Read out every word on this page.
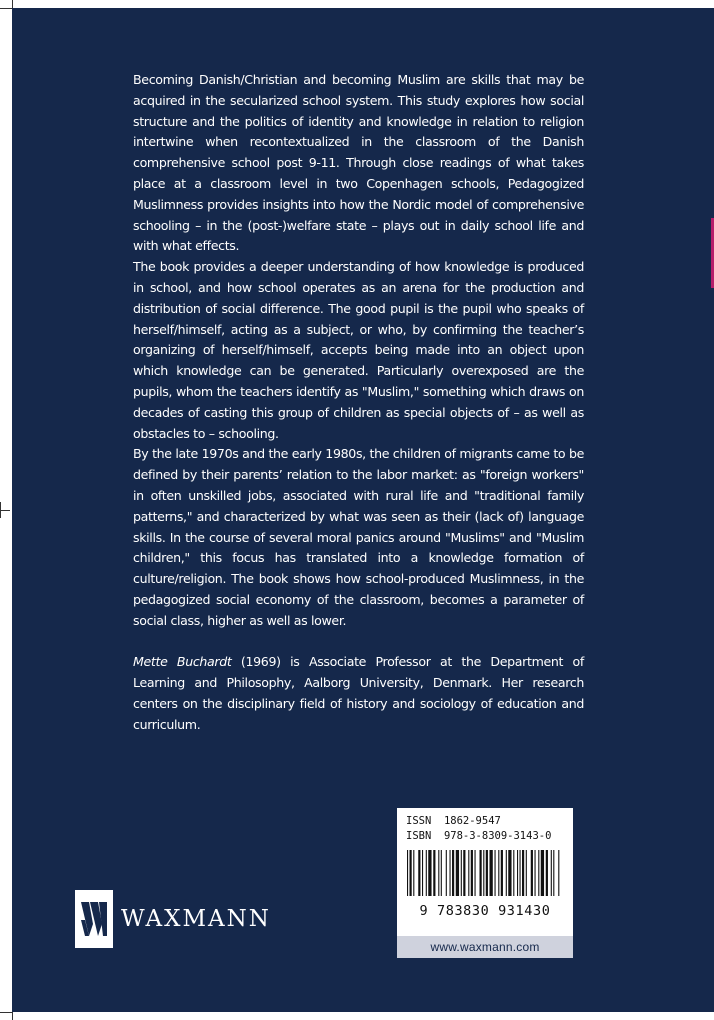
Becoming Danish/Christian and becoming Muslim are skills that may be acquired in the secularized school system. This study explores how social structure and the politics of identity and knowledge in relation to religion intertwine when recontextualized in the classroom of the Danish comprehensive school post 9-11. Through close readings of what takes place at a classroom level in two Copenhagen schools, Pedagogized Muslimness provides insights into how the Nordic model of comprehensive schooling – in the (post-)welfare state – plays out in daily school life and with what effects.

The book provides a deeper understanding of how knowledge is produced in school, and how school operates as an arena for the production and distribution of social difference. The good pupil is the pupil who speaks of herself/himself, acting as a subject, or who, by confirming the teacher’s organizing of herself/himself, accepts being made into an object upon which knowledge can be generated. Particularly overexposed are the pupils, whom the teachers identify as "Muslim," something which draws on decades of casting this group of children as special objects of – as well as obstacles to – schooling.

By the late 1970s and the early 1980s, the children of migrants came to be defined by their parents’ relation to the labor market: as "foreign workers" in often unskilled jobs, associated with rural life and "traditional family patterns," and characterized by what was seen as their (lack of) language skills. In the course of several moral panics around "Muslims" and "Muslim children," this focus has translated into a knowledge formation of culture/religion. The book shows how school-produced Muslimness, in the pedagogized social economy of the classroom, becomes a parameter of social class, higher as well as lower.

Mette Buchardt (1969) is Associate Professor at the Department of Learning and Philosophy, Aalborg University, Denmark. Her research centers on the disciplinary field of history and sociology of education and curriculum.

WAXMANN
ISSN 1862-9547
ISBN 978-3-8309-3143-0
9 783830 931430
www.waxmann.com
